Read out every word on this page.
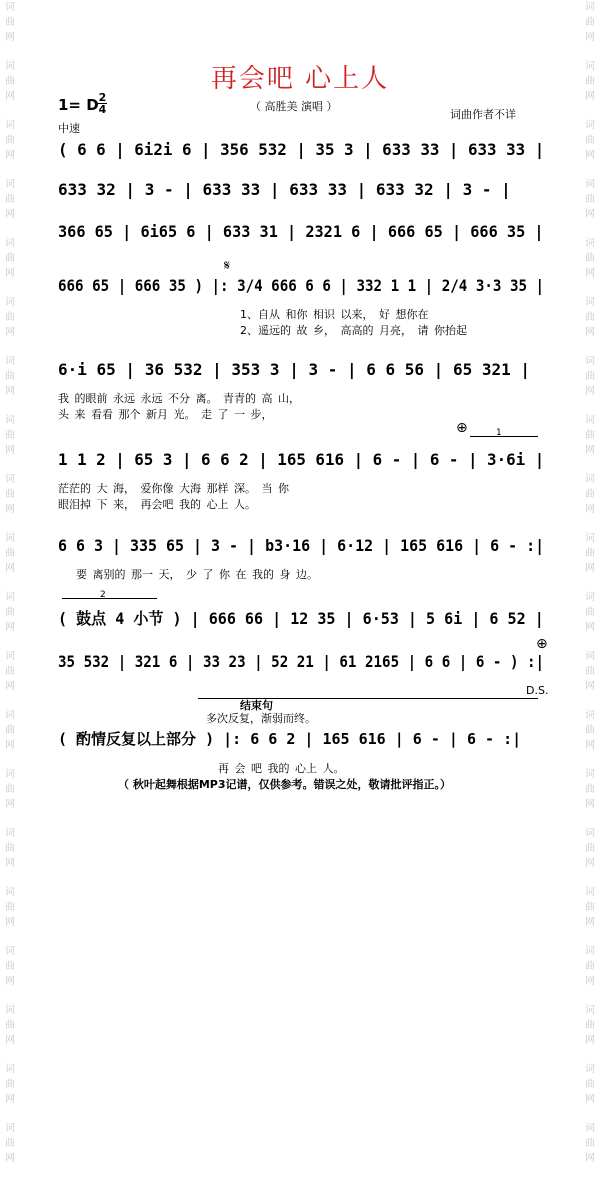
词
曲
网
词
曲
网
词
曲
网
词
曲
网
词
曲
网
词
曲
网
词
曲
网
词
曲
网
词
曲
网
词
曲
网
词
曲
网
词
曲
网
词
曲
网
词
曲
网
词
曲
网
词
曲
网
词
曲
网
词
曲
网
词
曲
网
词
曲
网
词
曲
网
词
曲
网
词
曲
网
词
曲
网
词
曲
网
词
曲
网
词
曲
网
词
曲
网
词
曲
网
词
曲
网
词
曲
网
词
曲
网
词
曲
网
词
曲
网
词
曲
网
词
曲
网
词
曲
网
词
曲
网
词
曲
网
词
曲
网
再会吧 心上人
（ 高胜美 演唱 ）
词曲作者不详
1= D 2
4
中速
( 6 6 | 6i2i 6 | 356 532 | 35 3 | 633 33 | 633 33 |
633 32 | 3 - | 633 33 | 633 33 | 633 32 | 3 - |
366 65 | 6i65 6 | 633 31 | 2321 6 | 666 65 | 666 35 |
𝄋
666 65 | 666 35 ) |: 3/4 666 6 6 | 332 1 1 | 2/4 3·3 35 |
1、自从 和你 相识 以来， 好 想你在
2、遥远的 故 乡， 高高的 月亮， 请 你抬起
6·i 65 | 36 532 | 353 3 | 3 - | 6 6 56 | 65 321 |
我 的眼前 永远 永远 不分 离。 青青的 高 山，
头 来 看看 那个 新月 光。 走 了 一 步，
⊕	1
1 1 2 | 65 3 | 6 6 2 | 165 616 | 6 - | 6 - | 3·6i |
茫茫的 大 海， 爱你像 大海 那样 深。 当 你
眼泪掉 下 来， 再会吧 我的 心上 人。
6 6 3 | 335 65 | 3 - | b3·16 | 6·12 | 165 616 | 6 - :|
要 离别的 那一 天， 少 了 你 在 我的 身 边。
2
( 鼓点 4 小节 ) | 666 66 | 12 35 | 6·53 | 5 6i | 6 52 |
⊕
35 532 | 321 6 | 33 23 | 52 21 | 61 2165 | 6 6 | 6 - ) :|
D.S.
结束句
多次反复，渐弱而终。
( 酌情反复以上部分 ) |: 6 6 2 | 165 616 | 6 - | 6 - :|
再 会 吧 我的 心上 人。
（ 秋叶起舞根据MP3记谱，仅供参考。错误之处，敬请批评指正。）
